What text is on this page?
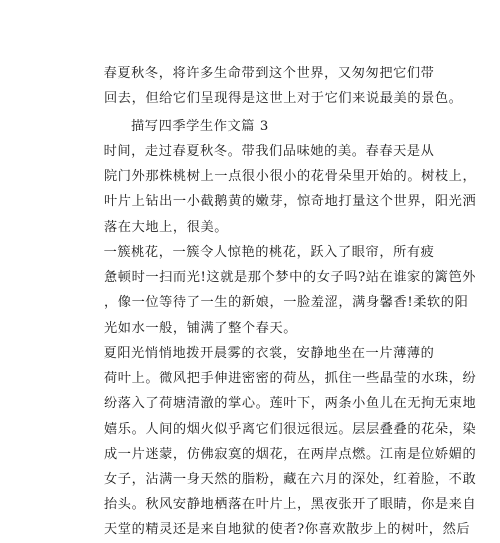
　　春夏秋冬，将许多生命带到这个世界，又匆匆把它们带
回去，但给它们呈现得是这世上对于它们来说最美的景色。

描写四季学生作文篇 3

　　时间，走过春夏秋冬。带我们品味她的美。春春天是从
院门外那株桃树上一点很小很小的花骨朵里开始的。树枝上，
叶片上钻出一小截鹅黄的嫩芽，惊奇地打量这个世界，阳光洒
落在大地上，很美。

　　一簇桃花，一簇令人惊艳的桃花，跃入了眼帘，所有疲
惫顿时一扫而光!这就是那个梦中的女子吗?站在谁家的篱笆外
，像一位等待了一生的新娘，一脸羞涩，满身馨香!柔软的阳
光如水一般，铺满了整个春天。

　　夏阳光悄悄地拨开晨雾的衣裳，安静地坐在一片薄薄的
荷叶上。微风把手伸进密密的荷丛，抓住一些晶莹的水珠，纷
纷落入了荷塘清澈的掌心。莲叶下，两条小鱼儿在无拘无束地
嬉乐。人间的烟火似乎离它们很远很远。层层叠叠的花朵，染
成一片迷蒙，仿佛寂寞的烟花，在两岸点燃。江南是位娇媚的
女子，沾满一身天然的脂粉，藏在六月的深处，红着脸，不敢
抬头。秋风安静地栖落在叶片上，黑夜张开了眼睛，你是来自
天堂的精灵还是来自地狱的使者?你喜欢散步上的树叶，然后
